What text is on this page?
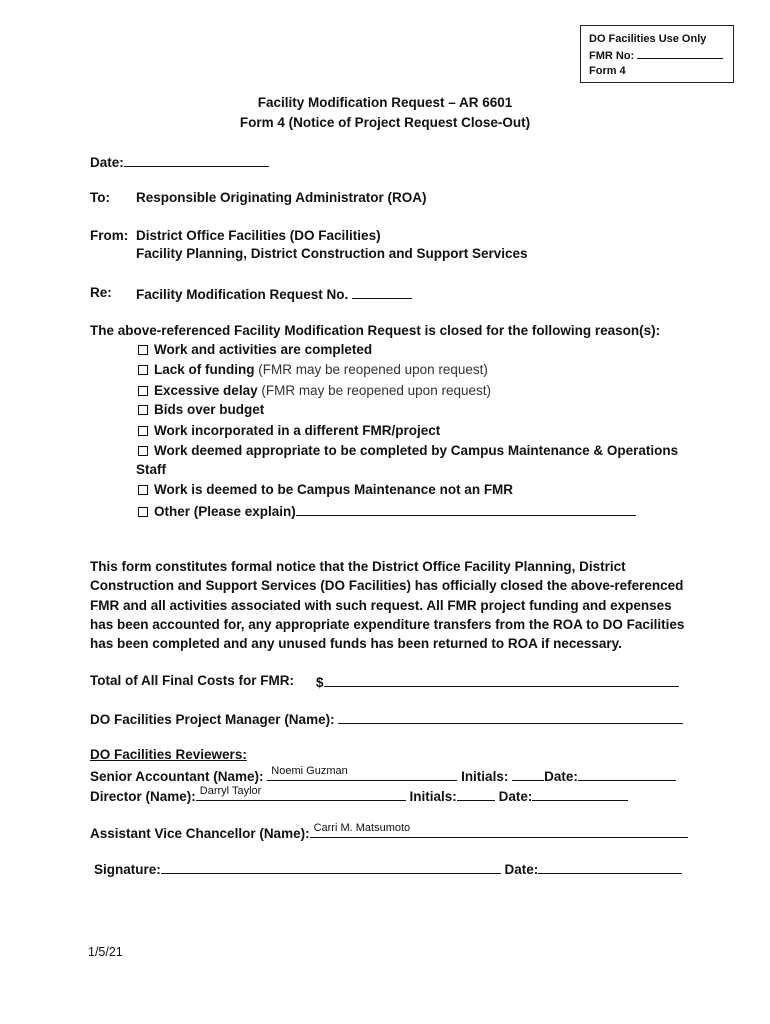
DO Facilities Use Only
FMR No:
Form 4
Facility Modification Request – AR 6601
Form 4 (Notice of Project Request Close-Out)
Date:
To: Responsible Originating Administrator (ROA)
From: District Office Facilities (DO Facilities)
Facility Planning, District Construction and Support Services
Re: Facility Modification Request No.
The above-referenced Facility Modification Request is closed for the following reason(s):
Work and activities are completed
Lack of funding (FMR may be reopened upon request)
Excessive delay (FMR may be reopened upon request)
Bids over budget
Work incorporated in a different FMR/project
Work deemed appropriate to be completed by Campus Maintenance & Operations
Staff
Work is deemed to be Campus Maintenance not an FMR
Other (Please explain)
This form constitutes formal notice that the District Office Facility Planning, District
Construction and Support Services (DO Facilities) has officially closed the above-referenced
FMR and all activities associated with such request. All FMR project funding and expenses
has been accounted for, any appropriate expenditure transfers from the ROA to DO Facilities
has been completed and any unused funds has been returned to ROA if necessary.
Total of All Final Costs for FMR: $
DO Facilities Project Manager (Name):
DO Facilities Reviewers:
Senior Accountant (Name): Noemi Guzman	Initials:	Date:
Director (Name): Darryl Taylor	Initials:	Date:
Assistant Vice Chancellor (Name): Carri M. Matsumoto
Signature:	Date:
1/5/21
